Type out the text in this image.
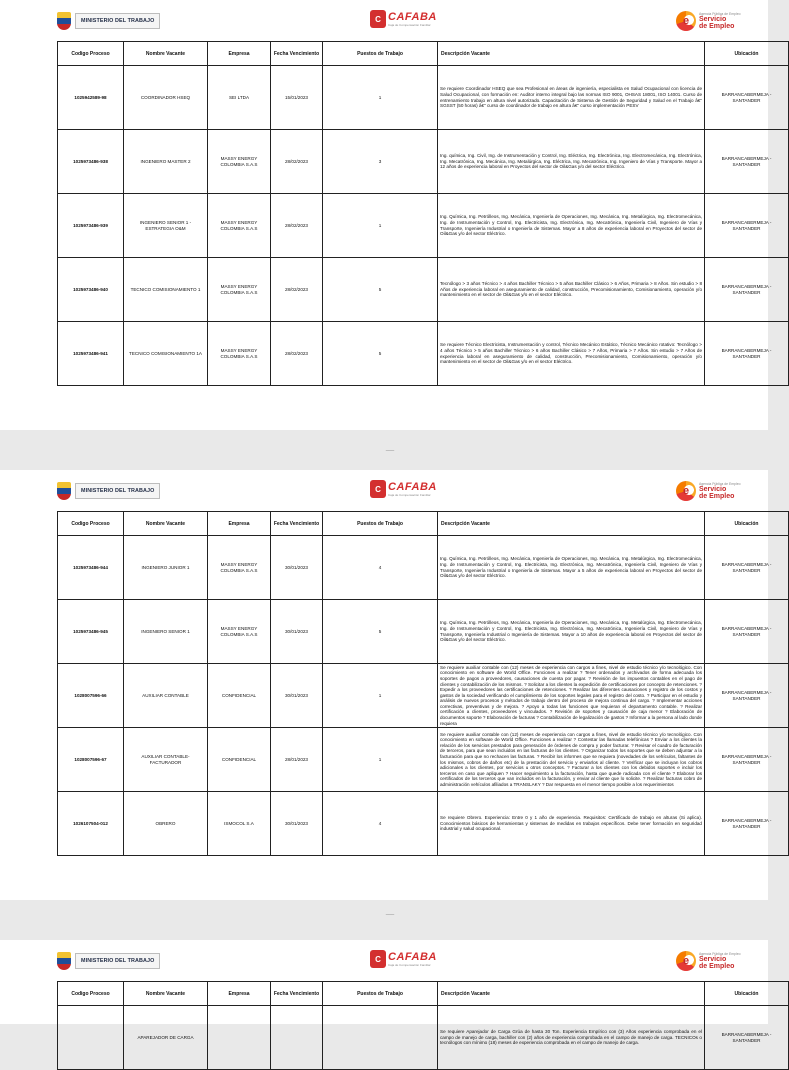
MINISTERIO DEL TRABAJO	C CAFABA
Caja de Compensación Familiar	e
Agencia Pública de Empleo
Servicio
de Empleo
Codigo Proceso	Nombre Vacante	Empresa	Fecha Vencimiento	Puestos de Trabajo	Descripción Vacante	Ubicación
1025942589-98	COORDINADOR HSEQ	SEI LTDA	15/01/2023	1	Se requiere Coordinador HSEQ que sea Profesional en áreas de ingeniería, especialista en Salud Ocupacional con licencia de Salud Ocupacional, con formación en: Auditor interno integral bajo las normas ISO 9001, OHSAS 18001, ISO 14001. Curso de entrenamiento trabajo en altura nivel autorizado. Capacitación de Sistema de Gestión de Seguridad y Salud en el Trabajo â€" SGSST (50 horas) â€" curso de coordinador de trabajo en altura â€" curso implementación PESV	BARRANCABERMEJA - SANTANDER
1025973486-938	INGENIERO MASTER 2	MASSY ENERGY COLOMBIA S.A.S	28/02/2023	3	Ing. química, Ing. Civil, Ing. de Instrumentación y Control, Ing. Eléctrica, Ing. Electrónica, Ing. Electromecánica, Ing. Electrónica, Ing. Mecatrónica, Ing. Mecánica, Ing. Metalúrgica, Ing. Eléctrica, Ing. Mecatrónica, Ing. Ingeniero de Vías y Transporte. Mayor a 12 años de experiencia laboral en Proyectos del sector de Oil&Gas y/o del sector Eléctrico.	BARRANCABERMEJA - SANTANDER
1025973486-939	INGENIERO SENIOR 1 - ESTRATEGIA O&M	MASSY ENERGY COLOMBIA S.A.S	28/02/2023	1	Ing. Química, Ing. Petrólleos, Ing. Mecánica, Ingeniería de Operaciones, Ing. Mecánica, Ing. Metalúrgica, Ing. Electromecánica, Ing. de Instrumentación y Control, Ing. Electricista, Ing. Electrónica, Ing. Mecatrónica, Ingeniería Civil, Ingeniero de Vías y Transporte, Ingeniería Industrial o Ingeniería de Sistemas. Mayor a 8 años de experiencia laboral en Proyectos del sector de Oil&Gas y/o del sector Eléctrico.	BARRANCABERMEJA - SANTANDER
1025973486-940	TECNICO COMISIONAMIENTO 1	MASSY ENERGY COLOMBIA S.A.S	28/02/2023	5	Tecnólogo > 3 años Técnico > 4 años Bachiller Técnico > 5 años Bachiller Clásico > 6 Años, Primaria > 8 Años. Sin estudio > 8 Años de experiencia laboral en aseguramiento de calidad, construcción, Precomisionamiento, Comisionamiento, operación y/o mantenimiento en el sector de Oil&Gas y/o en el sector Eléctrico.	BARRANCABERMEJA - SANTANDER
1025973486-941	TECNICO COMISIONAMIENTO 1A	MASSY ENERGY COLOMBIA S.A.S	28/02/2023	5	Se requiere Técnico Electricista, Instrumentación y control, Técnico Mecánico Estático, Técnico Mecánico rotativo: Tecnólogo > 4 años Técnico > 5 años Bachiller Técnico > 6 años Bachiller Clásico > 7 Años, Primaria > 7 Años. Sin estudio > 7 Años de experiencia laboral en aseguramiento de calidad, construcción, Precomisionamiento, Comisionamiento, operación y/o mantenimiento en el sector de Oil&Gas y/o en el sector Eléctrico.	BARRANCABERMEJA - SANTANDER
MINISTERIO DEL TRABAJO	C CAFABA
Caja de Compensación Familiar	e
Agencia Pública de Empleo
Servicio
de Empleo
Codigo Proceso	Nombre Vacante	Empresa	Fecha Vencimiento	Puestos de Trabajo	Descripción Vacante	Ubicación
1025973486-944	INGENIERO JUNIOR 1	MASSY ENERGY COLOMBIA S.A.S	30/01/2023	4	Ing. Química, Ing. Petrólleos, Ing. Mecánica, Ingeniería de Operaciones, Ing. Mecánica, Ing. Metalúrgica, Ing. Electromecánica, Ing. de Instrumentación y Control, Ing. Electricista, Ing. Electrónica, Ing. Mecatrónica, Ingeniería Civil, Ingeniero de Vías y Transporte, Ingeniería Industrial o Ingeniería de Sistemas. Mayor a 5 años de experiencia laboral en Proyectos del sector de Oil&Gas y/o del sector Eléctrico.	BARRANCABERMEJA - SANTANDER
1025973486-945	INGENIERO SENIOR 1	MASSY ENERGY COLOMBIA S.A.S	30/01/2023	5	Ing. Química, Ing. Petrólleos, Ing. Mecánica, Ingeniería de Operaciones, Ing. Mecánica, Ing. Metalúrgica, Ing. Electromecánica, Ing. de Instrumentación y Control, Ing. Electricista, Ing. Electrónica, Ing. Mecatrónica, Ingeniería Civil, Ingeniero de Vías y Transporte, Ingeniería Industrial o Ingeniería de Sistemas. Mayor a 10 años de experiencia laboral en Proyectos del sector de Oil&Gas y/o del sector Eléctrico.	BARRANCABERMEJA - SANTANDER
1028007596-66	AUXILIAR CONTABLE	CONFIDENCIAL	30/01/2023	1	Se requiere auxiliar contable con (12) meses de experiencia con cargos a fines, nivel de estudio técnico y/o tecnológico. Con conocimiento en software de World Office. Funciones a realizar ? Tener ordenados y archivados de forma adecuada los soportes de pagos a proveedores, causaciones de cuenta por pagar. ? Revisión de los impuestos contables en el pago de clientes y contabilización de los mismos. ? Solicitar a los clientes la expedición de certificaciones por concepto de retenciones. ? Expedir a los proveedores las certificaciones de retenciones. ? Realizar las diferentes causaciones y registro de los costos y gastos de la sociedad verificando el cumplimiento de los soportes legales para el registro del costo. ? Participar en el estudio y análisis de nuevos procesos y métodos de trabajo dentro del proceso de mejora continua del cargo. ? Implementar acciones correctivas, preventivas y de mejora. ? Apoyo a todas las funciones que requieran el departamento contable. ? Realizar certificación a clientes, proveedores y vinculados. ? Revisión de soportes y causación de caja menor ? Elaboración de documentos soporte ? Elaboración de facturas ? Contabilización de legalización de gastos ? Informar a la persona al lado donde requiera	BARRANCABERMEJA - SANTANDER
1028007596-67	AUXILIAR CONTABLE-FACTURADOR	CONFIDENCIAL	28/01/2023	1	Se requiere auxiliar contable con (12) meses de experiencia con cargos a fines, nivel de estudio técnico y/o tecnológico. Con conocimiento en software de World Office. Funciones a realizar ? Contestar las llamadas telefónicas ? Enviar a los clientes la relación de los servicios prestados para generación de órdenes de compra y poder facturar. ? Revisar el cuadro de facturación de terceros, para que sean incluidos en las facturas de los clientes. ? Organizar todos los soportes que se deben adjuntar a la facturación para que no rechacen las facturas. ? Recibir los informes que se requiera (novedades de los vehículos, faltantes de los mismos, cobros de daños etc) de la prestación del servicio y enviarlos al cliente. ? Verificar que se incluyan los cobros adicionales a los clientes, por servicios u otros conceptos. ? Facturar a los clientes con los debidos soportes e incluir los terceros en caso que apliquen ? Hacer seguimiento a la facturación, hasta que quede radicada con el cliente ? Elaborar los certificados de los terceros que van incluidos en la facturación, y enviar al cliente que lo solicite. ? Realizar facturas cobro de administración vehículos afiliados a TRANSLAKY ? Dar respuesta en el menor tiempo posible a los requerimientos	BARRANCABERMEJA - SANTANDER
1026107504-012	OBRERO	ISMOCOL S.A	30/01/2023	4	Se requiere Obrero. Experiencia: Entre 0 y 1 año de experiencia. Requisitos: Certificado de trabajo en alturas (Si aplica). Conocimientos básicos de herramientas y sistemas de medidas en trabajos específicos. Debe tener formación en seguridad industrial y salud ocupacional.	BARRANCABERMEJA - SANTANDER
MINISTERIO DEL TRABAJO	C CAFABA
Caja de Compensación Familiar	e
Agencia Pública de Empleo
Servicio
de Empleo
Codigo Proceso	Nombre Vacante	Empresa	Fecha Vencimiento	Puestos de Trabajo	Descripción Vacante	Ubicación
	APAREJADOR DE CARGA				Se requiere Aparejador de Carga Grúa de hasta 30 Ton. Experiencia Empírico con (3) Años experiencia comprobada en el campo de manejo de carga, bachiller con (2) años de experiencia comprobada en el campo de manejo de carga. TECNICOs o tecnólogos con mínimo (18) meses de experiencia comprobada en el campo de manejo de carga.	BARRANCABERMEJA - SANTANDER
___
___
